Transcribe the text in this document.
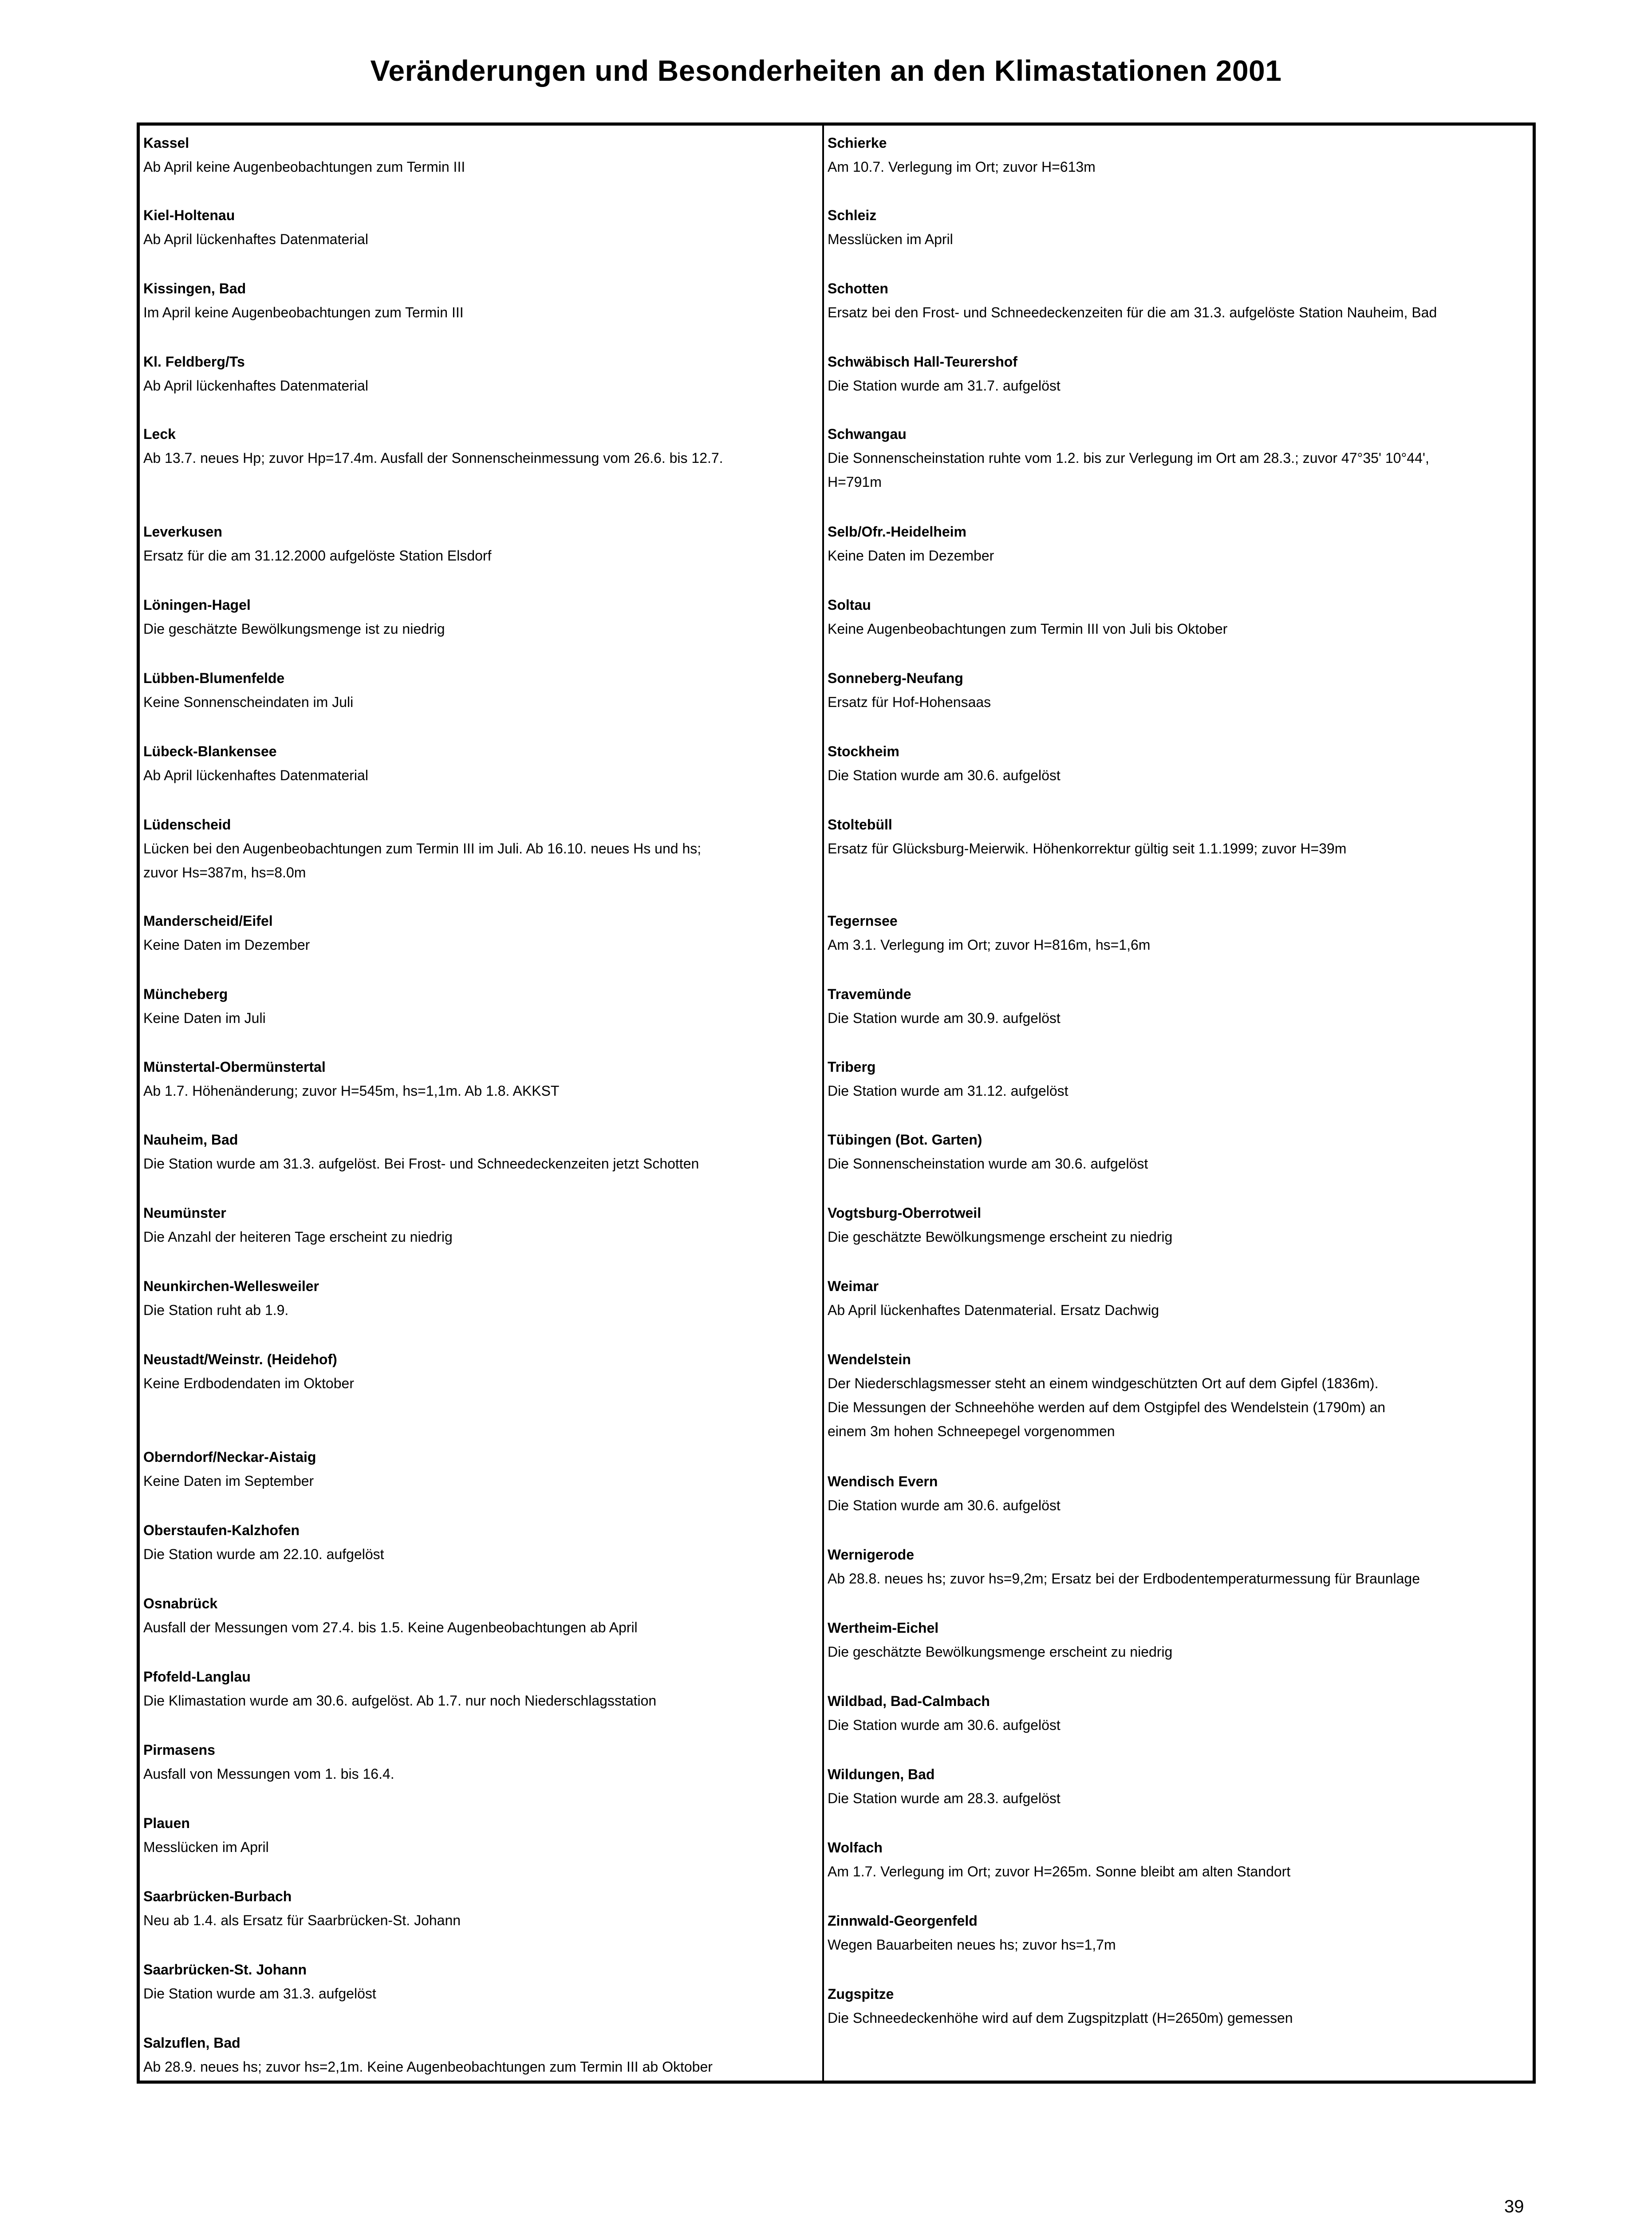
Veränderungen und Besonderheiten an den Klimastationen 2001
Kassel
Ab April keine Augenbeobachtungen zum Termin III
Kiel-Holtenau
Ab April lückenhaftes Datenmaterial
Kissingen, Bad
Im April keine Augenbeobachtungen zum Termin III
Kl. Feldberg/Ts
Ab April lückenhaftes Datenmaterial
Leck
Ab 13.7. neues Hp; zuvor Hp=17.4m. Ausfall der Sonnenscheinmessung vom 26.6. bis 12.7.
Leverkusen
Ersatz für die am 31.12.2000 aufgelöste Station Elsdorf
Löningen-Hagel
Die geschätzte Bewölkungsmenge ist zu niedrig
Lübben-Blumenfelde
Keine Sonnenscheindaten im Juli
Lübeck-Blankensee
Ab April lückenhaftes Datenmaterial
Lüdenscheid
Lücken bei den Augenbeobachtungen zum Termin III im Juli. Ab 16.10. neues Hs und hs;
zuvor Hs=387m, hs=8.0m
Manderscheid/Eifel
Keine Daten im Dezember
Müncheberg
Keine Daten im Juli
Münstertal-Obermünstertal
Ab 1.7. Höhenänderung; zuvor H=545m, hs=1,1m. Ab 1.8. AKKST
Nauheim, Bad
Die Station wurde am 31.3. aufgelöst. Bei Frost- und Schneedeckenzeiten jetzt Schotten
Neumünster
Die Anzahl der heiteren Tage erscheint zu niedrig
Neunkirchen-Wellesweiler
Die Station ruht ab 1.9.
Neustadt/Weinstr. (Heidehof)
Keine Erdbodendaten im Oktober
Oberndorf/Neckar-Aistaig
Keine Daten im September
Oberstaufen-Kalzhofen
Die Station wurde am 22.10. aufgelöst
Osnabrück
Ausfall der Messungen vom 27.4. bis 1.5. Keine Augenbeobachtungen ab April
Pfofeld-Langlau
Die Klimastation wurde am 30.6. aufgelöst. Ab 1.7. nur noch Niederschlagsstation
Pirmasens
Ausfall von Messungen vom 1. bis 16.4.
Plauen
Messlücken im April
Saarbrücken-Burbach
Neu ab 1.4. als Ersatz für Saarbrücken-St. Johann
Saarbrücken-St. Johann
Die Station wurde am 31.3. aufgelöst
Salzuflen, Bad
Ab 28.9. neues hs; zuvor hs=2,1m. Keine Augenbeobachtungen zum Termin III ab Oktober
Schierke
Am 10.7. Verlegung im Ort; zuvor H=613m
Schleiz
Messlücken im April
Schotten
Ersatz bei den Frost- und Schneedeckenzeiten für die am 31.3. aufgelöste Station Nauheim, Bad
Schwäbisch Hall-Teurershof
Die Station wurde am 31.7. aufgelöst
Schwangau
Die Sonnenscheinstation ruhte vom 1.2. bis zur Verlegung im Ort am 28.3.; zuvor 47°35' 10°44',
H=791m
Selb/Ofr.-Heidelheim
Keine Daten im Dezember
Soltau
Keine Augenbeobachtungen zum Termin III von Juli bis Oktober
Sonneberg-Neufang
Ersatz für Hof-Hohensaas
Stockheim
Die Station wurde am 30.6. aufgelöst
Stoltebüll
Ersatz für Glücksburg-Meierwik. Höhenkorrektur gültig seit 1.1.1999; zuvor H=39m
Tegernsee
Am 3.1. Verlegung im Ort; zuvor H=816m, hs=1,6m
Travemünde
Die Station wurde am 30.9. aufgelöst
Triberg
Die Station wurde am 31.12. aufgelöst
Tübingen (Bot. Garten)
Die Sonnenscheinstation wurde am 30.6. aufgelöst
Vogtsburg-Oberrotweil
Die geschätzte Bewölkungsmenge erscheint zu niedrig
Weimar
Ab April lückenhaftes Datenmaterial. Ersatz Dachwig
Wendelstein
Der Niederschlagsmesser steht an einem windgeschützten Ort auf dem Gipfel (1836m).
Die Messungen der Schneehöhe werden auf dem Ostgipfel des Wendelstein (1790m) an
einem 3m hohen Schneepegel vorgenommen
Wendisch Evern
Die Station wurde am 30.6. aufgelöst
Wernigerode
Ab 28.8. neues hs; zuvor hs=9,2m; Ersatz bei der Erdbodentemperaturmessung für Braunlage
Wertheim-Eichel
Die geschätzte Bewölkungsmenge erscheint zu niedrig
Wildbad, Bad-Calmbach
Die Station wurde am 30.6. aufgelöst
Wildungen, Bad
Die Station wurde am 28.3. aufgelöst
Wolfach
Am 1.7. Verlegung im Ort; zuvor H=265m. Sonne bleibt am alten Standort
Zinnwald-Georgenfeld
Wegen Bauarbeiten neues hs; zuvor hs=1,7m
Zugspitze
Die Schneedeckenhöhe wird auf dem Zugspitzplatt (H=2650m) gemessen
39
